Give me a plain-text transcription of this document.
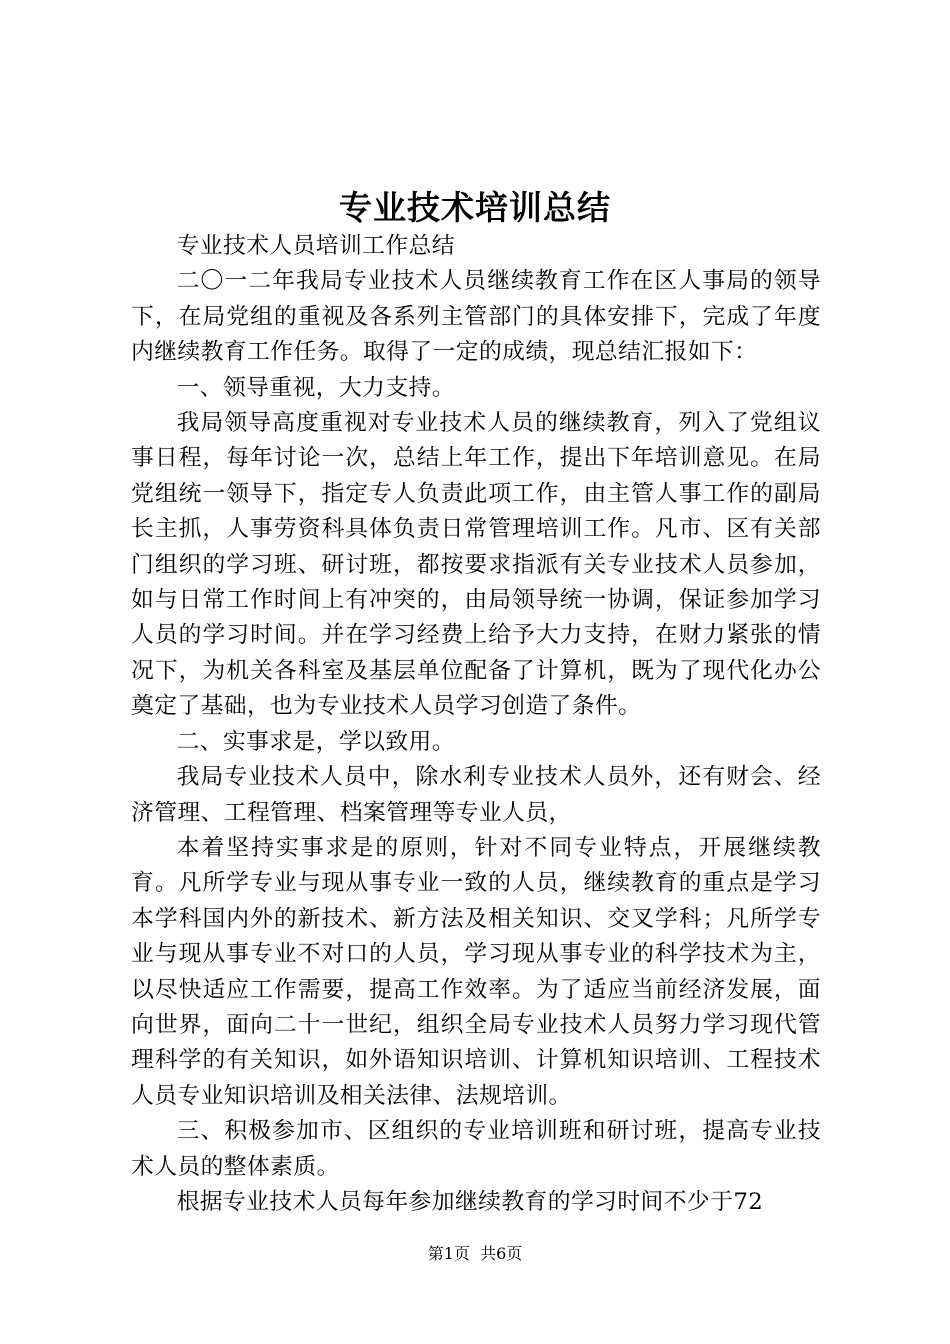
专业技术培训总结

专业技术人员培训工作总结

二〇一二年我局专业技术人员继续教育工作在区人事局的领导下，在局党组的重视及各系列主管部门的具体安排下，完成了年度内继续教育工作任务。取得了一定的成绩，现总结汇报如下：

一、领导重视，大力支持。

我局领导高度重视对专业技术人员的继续教育，列入了党组议事日程，每年讨论一次，总结上年工作，提出下年培训意见。在局党组统一领导下，指定专人负责此项工作，由主管人事工作的副局长主抓，人事劳资科具体负责日常管理培训工作。凡市、区有关部门组织的学习班、研讨班，都按要求指派有关专业技术人员参加，如与日常工作时间上有冲突的，由局领导统一协调，保证参加学习人员的学习时间。并在学习经费上给予大力支持，在财力紧张的情况下，为机关各科室及基层单位配备了计算机，既为了现代化办公奠定了基础，也为专业技术人员学习创造了条件。

二、实事求是，学以致用。

我局专业技术人员中，除水利专业技术人员外，还有财会、经济管理、工程管理、档案管理等专业人员，

本着坚持实事求是的原则，针对不同专业特点，开展继续教育。凡所学专业与现从事专业一致的人员，继续教育的重点是学习本学科国内外的新技术、新方法及相关知识、交叉学科；凡所学专业与现从事专业不对口的人员，学习现从事专业的科学技术为主，以尽快适应工作需要，提高工作效率。为了适应当前经济发展，面向世界，面向二十一世纪，组织全局专业技术人员努力学习现代管理科学的有关知识，如外语知识培训、计算机知识培训、工程技术人员专业知识培训及相关法律、法规培训。

三、积极参加市、区组织的专业培训班和研讨班，提高专业技术人员的整体素质。

根据专业技术人员每年参加继续教育的学习时间不少于72

第1页  共6页
